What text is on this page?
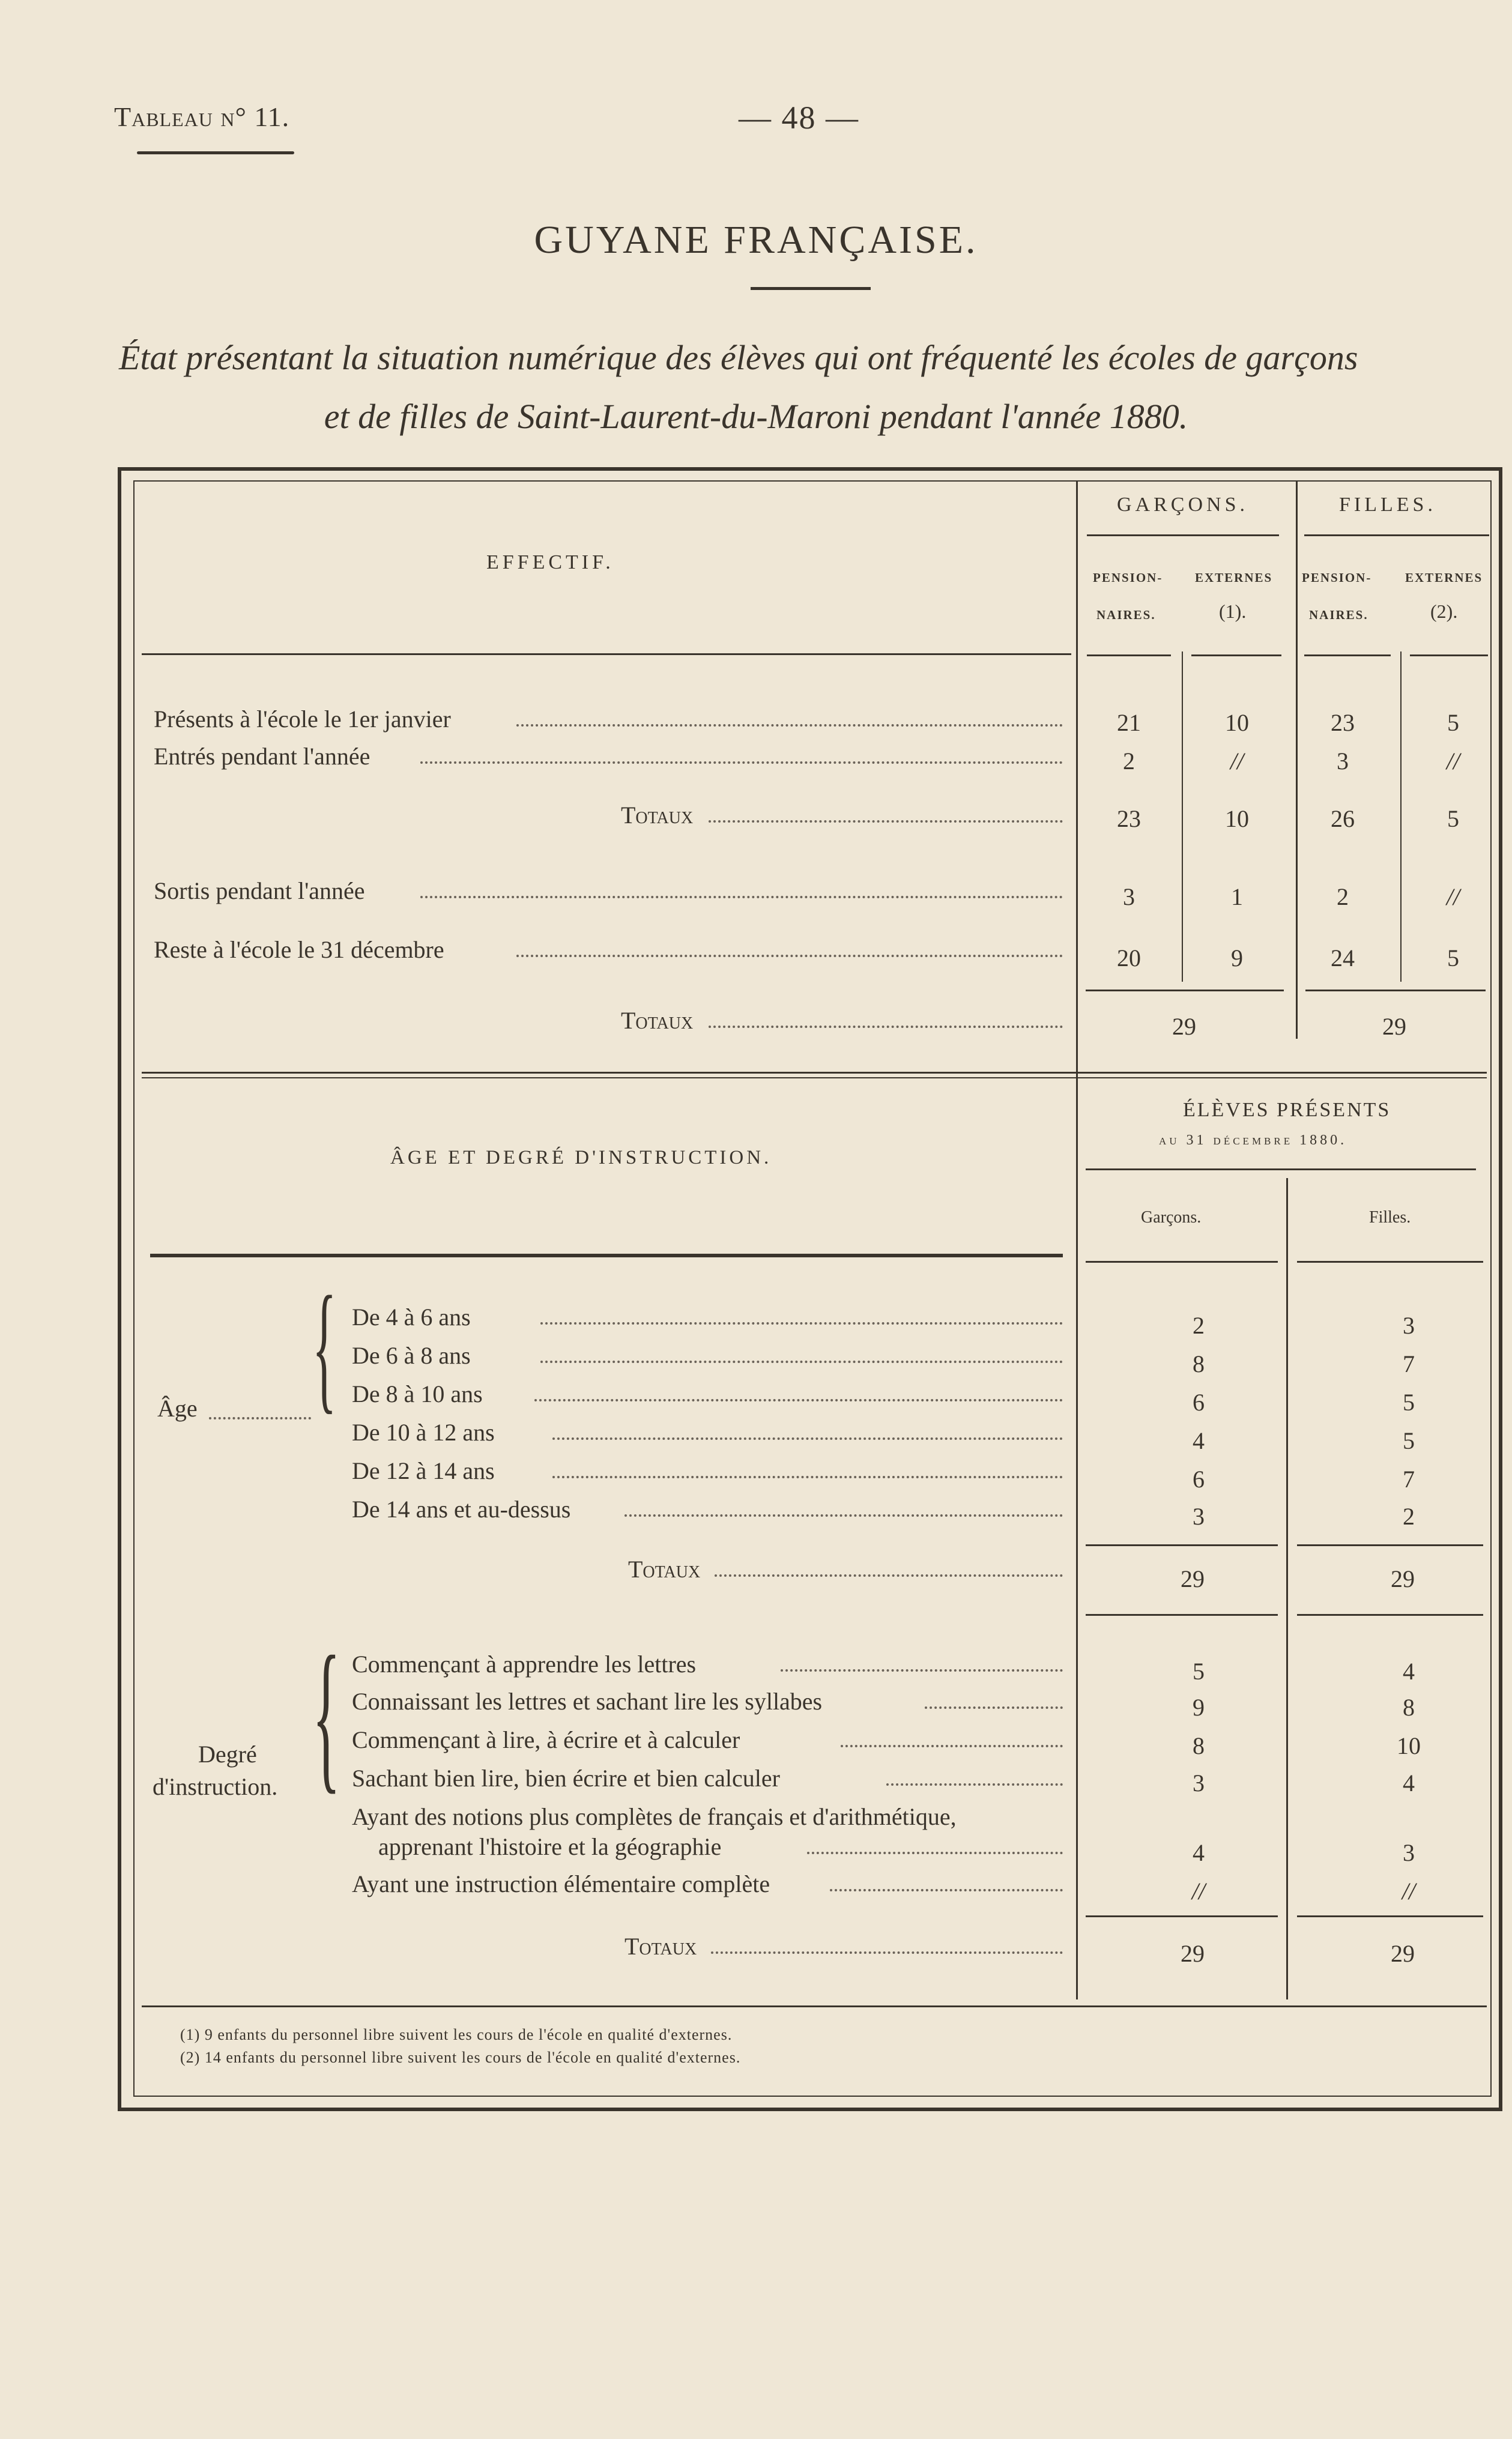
Tableau n° 11.	— 48 —
GUYANE FRANÇAISE.
État présentant la situation numérique des élèves qui ont fréquenté les écoles de garçons
et de filles de Saint-Laurent-du-Maroni pendant l'année 1880.
EFFECTIF.
GARÇONS.	FILLES.
PENSION-
NAIRES.
EXTERNES
(1).
PENSION-
NAIRES.
EXTERNES
(2).
Présents à l'école le 1er janvier	21	10	23	5
Entrés pendant l'année	2	//	3	//
Totaux	23	10	26	5
Sortis pendant l'année	3	1	2	//
Reste à l'école le 31 décembre	20	9	24	5
Totaux	29	29
ÂGE ET DEGRÉ D'INSTRUCTION.
ÉLÈVES PRÉSENTS
au 31 décembre 1880.
Garçons.	Filles.
{
Âge
De 4 à 6 ans	2	3
De 6 à 8 ans	8	7
De 8 à 10 ans	6	5
De 10 à 12 ans	4	5
De 12 à 14 ans	6	7
De 14 ans et au-dessus	3	2
Totaux	29	29
{
Degré
d'instruction.
Commençant à apprendre les lettres	5	4
Connaissant les lettres et sachant lire les syllabes	9	8
Commençant à lire, à écrire et à calculer	8	10
Sachant bien lire, bien écrire et bien calculer	3	4
Ayant des notions plus complètes de français et d'arithmétique,
apprenant l'histoire et la géographie	4	3
Ayant une instruction élémentaire complète	//	//
Totaux	29	29
(1) 9 enfants du personnel libre suivent les cours de l'école en qualité d'externes.
(2) 14 enfants du personnel libre suivent les cours de l'école en qualité d'externes.
